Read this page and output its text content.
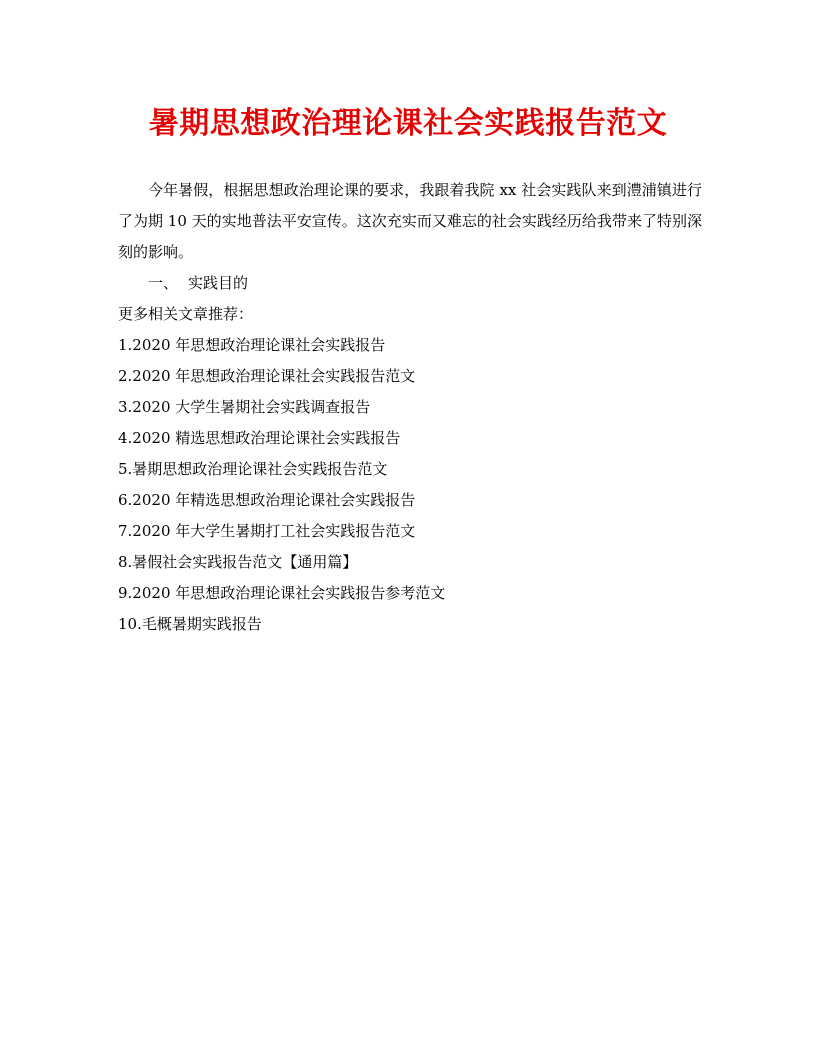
暑期思想政治理论课社会实践报告范文

今年暑假，根据思想政治理论课的要求，我跟着我院 xx 社会实践队来到澧浦镇进行了为期 10 天的实地普法平安宣传。这次充实而又难忘的社会实践经历给我带来了特别深刻的影响。

一、 实践目的

更多相关文章推荐：

1.2020 年思想政治理论课社会实践报告
2.2020 年思想政治理论课社会实践报告范文
3.2020 大学生暑期社会实践调查报告
4.2020 精选思想政治理论课社会实践报告
5.暑期思想政治理论课社会实践报告范文
6.2020 年精选思想政治理论课社会实践报告
7.2020 年大学生暑期打工社会实践报告范文
8.暑假社会实践报告范文【通用篇】
9.2020 年思想政治理论课社会实践报告参考范文
10.毛概暑期实践报告
